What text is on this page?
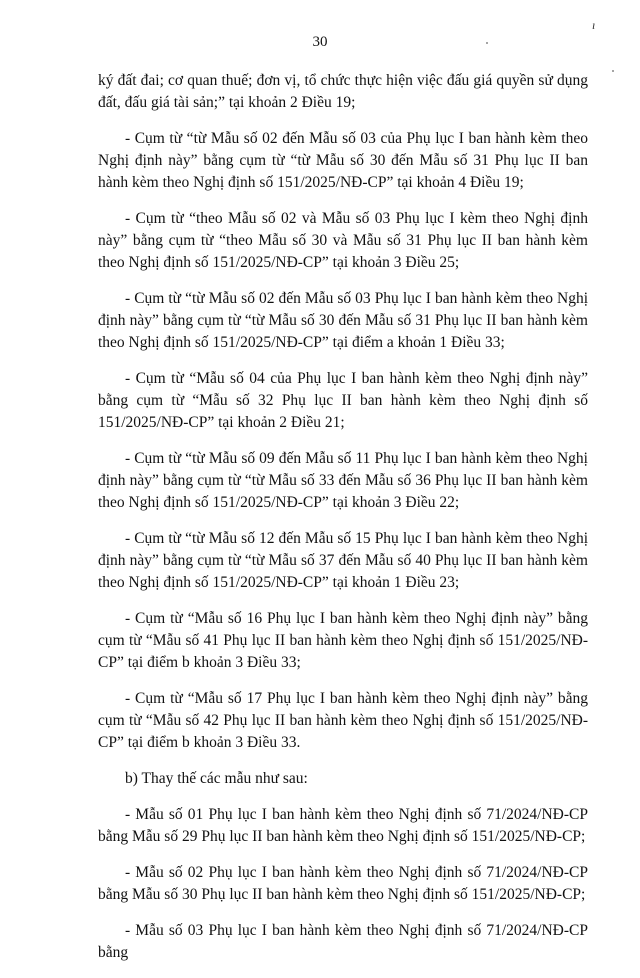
30
ı

ký đất đai; cơ quan thuế; đơn vị, tổ chức thực hiện việc đấu giá quyền sử dụng đất, đấu giá tài sản;” tại khoản 2 Điều 19;

- Cụm từ “từ Mẫu số 02 đến Mẫu số 03 của Phụ lục I ban hành kèm theo Nghị định này” bằng cụm từ “từ Mẫu số 30 đến Mẫu số 31 Phụ lục II ban hành kèm theo Nghị định số 151/2025/NĐ-CP” tại khoản 4 Điều 19;

- Cụm từ “theo Mẫu số 02 và Mẫu số 03 Phụ lục I kèm theo Nghị định này” bằng cụm từ “theo Mẫu số 30 và Mẫu số 31 Phụ lục II ban hành kèm theo Nghị định số 151/2025/NĐ-CP” tại khoản 3 Điều 25;

- Cụm từ “từ Mẫu số 02 đến Mẫu số 03 Phụ lục I ban hành kèm theo Nghị định này” bằng cụm từ “từ Mẫu số 30 đến Mẫu số 31 Phụ lục II ban hành kèm theo Nghị định số 151/2025/NĐ-CP” tại điểm a khoản 1 Điều 33;

- Cụm từ “Mẫu số 04 của Phụ lục I ban hành kèm theo Nghị định này” bằng cụm từ “Mẫu số 32 Phụ lục II ban hành kèm theo Nghị định số 151/2025/NĐ-CP” tại khoản 2 Điều 21;

- Cụm từ “từ Mẫu số 09 đến Mẫu số 11 Phụ lục I ban hành kèm theo Nghị định này” bằng cụm từ “từ Mẫu số 33 đến Mẫu số 36 Phụ lục II ban hành kèm theo Nghị định số 151/2025/NĐ-CP” tại khoản 3 Điều 22;

- Cụm từ “từ Mẫu số 12 đến Mẫu số 15 Phụ lục I ban hành kèm theo Nghị định này” bằng cụm từ “từ Mẫu số 37 đến Mẫu số 40 Phụ lục II ban hành kèm theo Nghị định số 151/2025/NĐ-CP” tại khoản 1 Điều 23;

- Cụm từ “Mẫu số 16 Phụ lục I ban hành kèm theo Nghị định này” bằng cụm từ “Mẫu số 41 Phụ lục II ban hành kèm theo Nghị định số 151/2025/NĐ-CP” tại điểm b khoản 3 Điều 33;

- Cụm từ “Mẫu số 17 Phụ lục I ban hành kèm theo Nghị định này” bằng cụm từ “Mẫu số 42 Phụ lục II ban hành kèm theo Nghị định số 151/2025/NĐ-CP” tại điểm b khoản 3 Điều 33.

b) Thay thế các mẫu như sau:

- Mẫu số 01 Phụ lục I ban hành kèm theo Nghị định số 71/2024/NĐ-CP bằng Mẫu số 29 Phụ lục II ban hành kèm theo Nghị định số 151/2025/NĐ-CP;

- Mẫu số 02 Phụ lục I ban hành kèm theo Nghị định số 71/2024/NĐ-CP bằng Mẫu số 30 Phụ lục II ban hành kèm theo Nghị định số 151/2025/NĐ-CP;

- Mẫu số 03 Phụ lục I ban hành kèm theo Nghị định số 71/2024/NĐ-CP bằng
